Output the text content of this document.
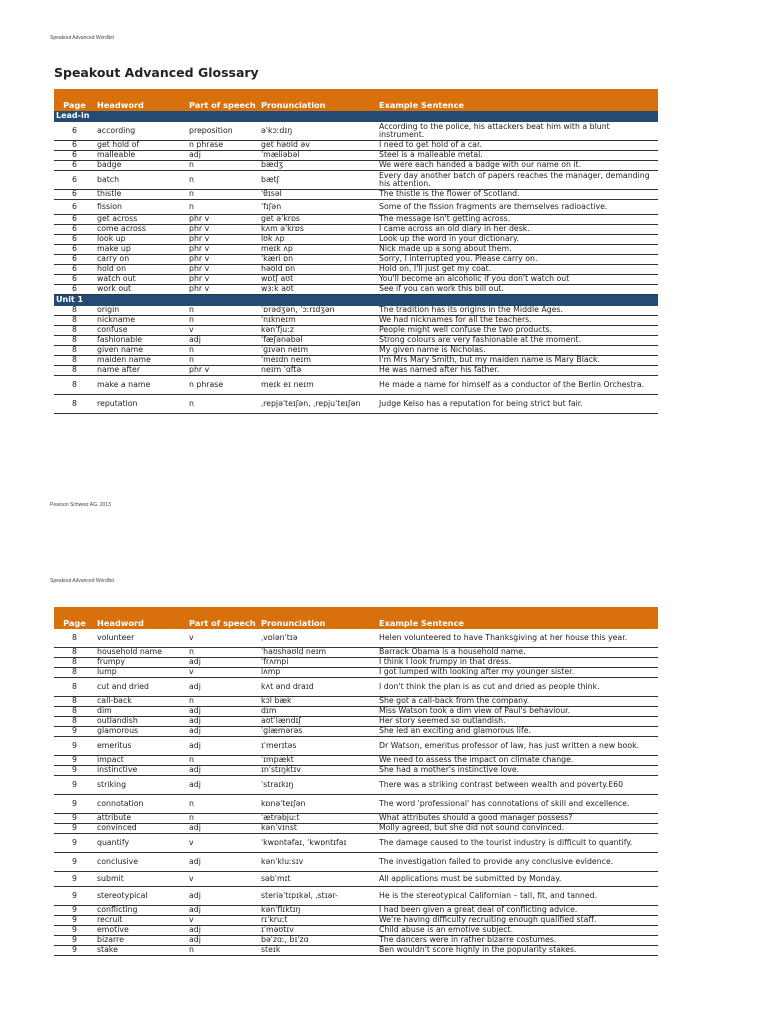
Speakout Advanced Wordlist
Speakout Advanced Glossary
Page	Headword	Part of speech	Pronunciation	Example Sentence
Lead-in				
6	according	preposition	əˈkɔːdɪŋ	According to the police, his attackers beat him with a blunt instrument.
6	get hold of	n phrase	get həʊld əv	I need to get hold of a car.
6	malleable	adj	ˈmæliəbəl	Steel is a malleable metal.
6	badge	n	bædʒ	We were each handed a badge with our name on it.
6	batch	n	bætʃ	Every day another batch of papers reaches the manager, demanding his attention.
6	thistle	n	ˈθɪsəl	The thistle is the flower of Scotland.
6	fission	n	ˈfɪʃən	Some of the fission fragments are themselves radioactive.
6	get across	phr v	get əˈkrɒs	The message isn't getting across.
6	come across	phr v	kʌm əˈkrɒs	I came across an old diary in her desk.
6	look up	phr v	lʊk ʌp	Look up the word in your dictionary.
6	make up	phr v	meɪk ʌp	Nick made up a song about them.
6	carry on	phr v	ˈkæri ɒn	Sorry, I interrupted you. Please carry on.
6	hold on	phr v	həʊld ɒn	Hold on, I'll just get my coat.
6	watch out	phr v	wɒtʃ aʊt	You'll become an alcoholic if you don't watch out
6	work out	phr v	wɜːk aʊt	See if you can work this bill out.
Unit 1				
8	origin	n	ˈɒrədʒən, ˈɔːrɪdʒən	The tradition has its origins in the Middle Ages.
8	nickname	n	ˈnɪkneɪm	We had nicknames for all the teachers.
8	confuse	v	kənˈfjuːz	People might well confuse the two products.
8	fashionable	adj	ˈfæʃənəbəl	Strong colours are very fashionable at the moment.
8	given name	n	ˈɡɪvən neɪm	My given name is Nicholas.
8	maiden name	n	ˈmeɪdn neɪm	I'm Mrs Mary Smith, but my maiden name is Mary Black.
8	name after	phr v	neɪm ˈɑftə	He was named after his father.
8	make a name	n phrase	meɪk eɪ neɪm	He made a name for himself as a conductor of the Berlin Orchestra.
8	reputation	n	ˌrepjəˈteɪʃən, ˌrepjuˈteɪʃən	Judge Kelso has a reputation for being strict but fair.
Pearson Schweiz AG, 2013
Speakout Advanced Wordlist
Page	Headword	Part of speech	Pronunciation	Example Sentence
8	volunteer	v	ˌvɒlənˈtɪə	Helen volunteered to have Thanksgiving at her house this year.
8	household name	n	ˈhaʊshəʊld neɪm	Barrack Obama is a household name.
8	frumpy	adj	ˈfrʌmpi	I think I look frumpy in that dress.
8	lump	v	lʌmp	I got lumped with looking after my younger sister.
8	cut and dried	adj	kʌt ənd draɪd	I don't think the plan is as cut and dried as people think.
8	call-back	n	kɔl bæk	She got a call-back from the company.
8	dim	adj	dɪm	Miss Watson took a dim view of Paul's behaviour.
8	outlandish	adj	aʊtˈlændɪʃ	Her story seemed so outlandish.
9	glamorous	adj	ˈɡlæmərəs	She led an exciting and glamorous life.
9	emeritus	adj	ɪˈmerɪtəs	Dr Watson, emeritus professor of law, has just written a new book.
9	impact	n	ˈɪmpækt	We need to assess the impact on climate change.
9	instinctive	adj	ɪnˈstɪŋktɪv	She had a mother's instinctive love.
9	striking	adj	ˈstraɪkɪŋ	There was a striking contrast between wealth and poverty.E60
9	connotation	n	kɒnəˈteɪʃən	The word 'professional' has connotations of skill and excellence.
9	attribute	n	ˈætrəbjuːt	What attributes should a good manager possess?
9	convinced	adj	kənˈvɪnst	Molly agreed, but she did not sound convinced.
9	quantify	v	ˈkwɒntəfaɪ, ˈkwɒntɪfaɪ	The damage caused to the tourist industry is difficult to quantify.
9	conclusive	adj	kənˈkluːsɪv	The investigation failed to provide any conclusive evidence.
9	submit	v	səbˈmɪt	All applications must be submitted by Monday.
9	stereotypical	adj	steriəˈtɪpɪkəl, ˌstɪər-	He is the stereotypical Californian – tall, fit, and tanned.
9	conflicting	adj	kənˈflɪktɪŋ	I had been given a great deal of conflicting advice.
9	recruit	v	rɪˈkruːt	We're having difficulty recruiting enough qualified staff.
9	emotive	adj	ɪˈməʊtɪv	Child abuse is an emotive subject.
9	bizarre	adj	bəˈzɑː, bɪˈzɑ	The dancers were in rather bizarre costumes.
9	stake	n	steɪk	Ben wouldn't score highly in the popularity stakes.
